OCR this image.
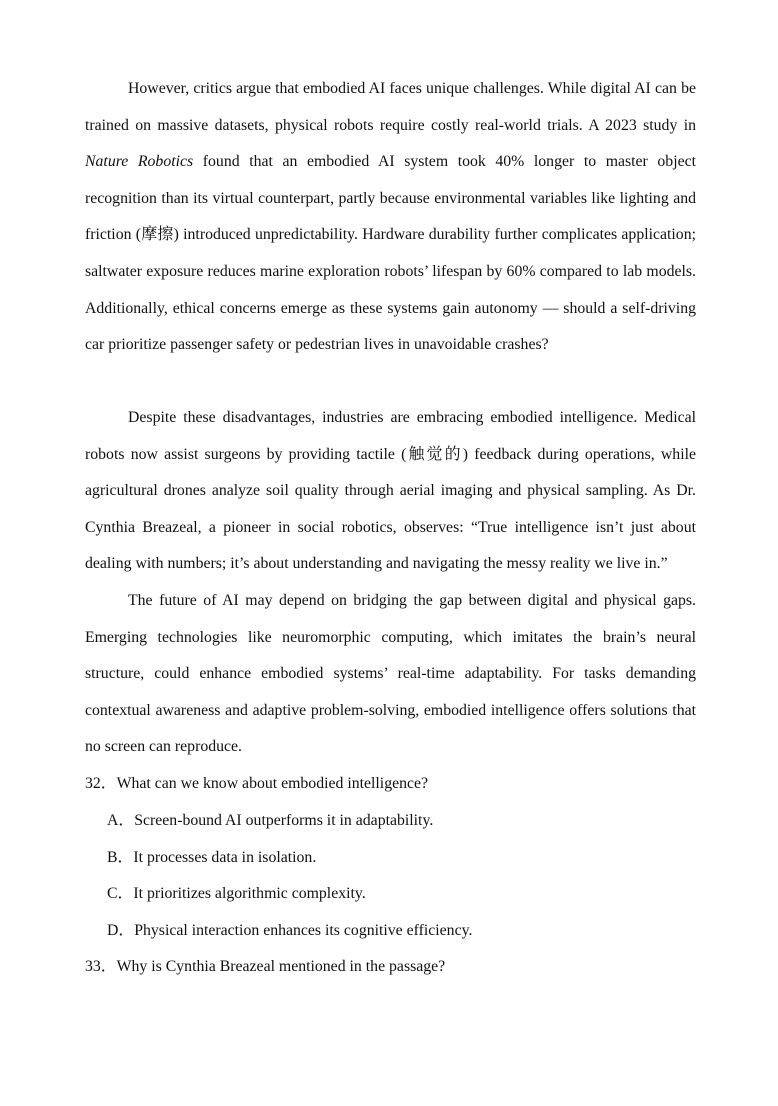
However, critics argue that embodied AI faces unique challenges. While digital AI can be trained on massive datasets, physical robots require costly real-world trials. A 2023 study in Nature Robotics found that an embodied AI system took 40% longer to master object recognition than its virtual counterpart, partly because environmental variables like lighting and friction (摩擦) introduced unpredictability. Hardware durability further complicates application; saltwater exposure reduces marine exploration robots’ lifespan by 60% compared to lab models. Additionally, ethical concerns emerge as these systems gain autonomy — should a self-driving car prioritize passenger safety or pedestrian lives in unavoidable crashes?

Despite these disadvantages, industries are embracing embodied intelligence. Medical robots now assist surgeons by providing tactile (触觉的) feedback during operations, while agricultural drones analyze soil quality through aerial imaging and physical sampling. As Dr. Cynthia Breazeal, a pioneer in social robotics, observes: “True intelligence isn’t just about dealing with numbers; it’s about understanding and navigating the messy reality we live in.”

The future of AI may depend on bridging the gap between digital and physical gaps. Emerging technologies like neuromorphic computing, which imitates the brain’s neural structure, could enhance embodied systems’ real-time adaptability. For tasks demanding contextual awareness and adaptive problem-solving, embodied intelligence offers solutions that no screen can reproduce.

32．What can we know about embodied intelligence?
A．Screen-bound AI outperforms it in adaptability.
B．It processes data in isolation.
C．It prioritizes algorithmic complexity.
D．Physical interaction enhances its cognitive efficiency.
33．Why is Cynthia Breazeal mentioned in the passage?
